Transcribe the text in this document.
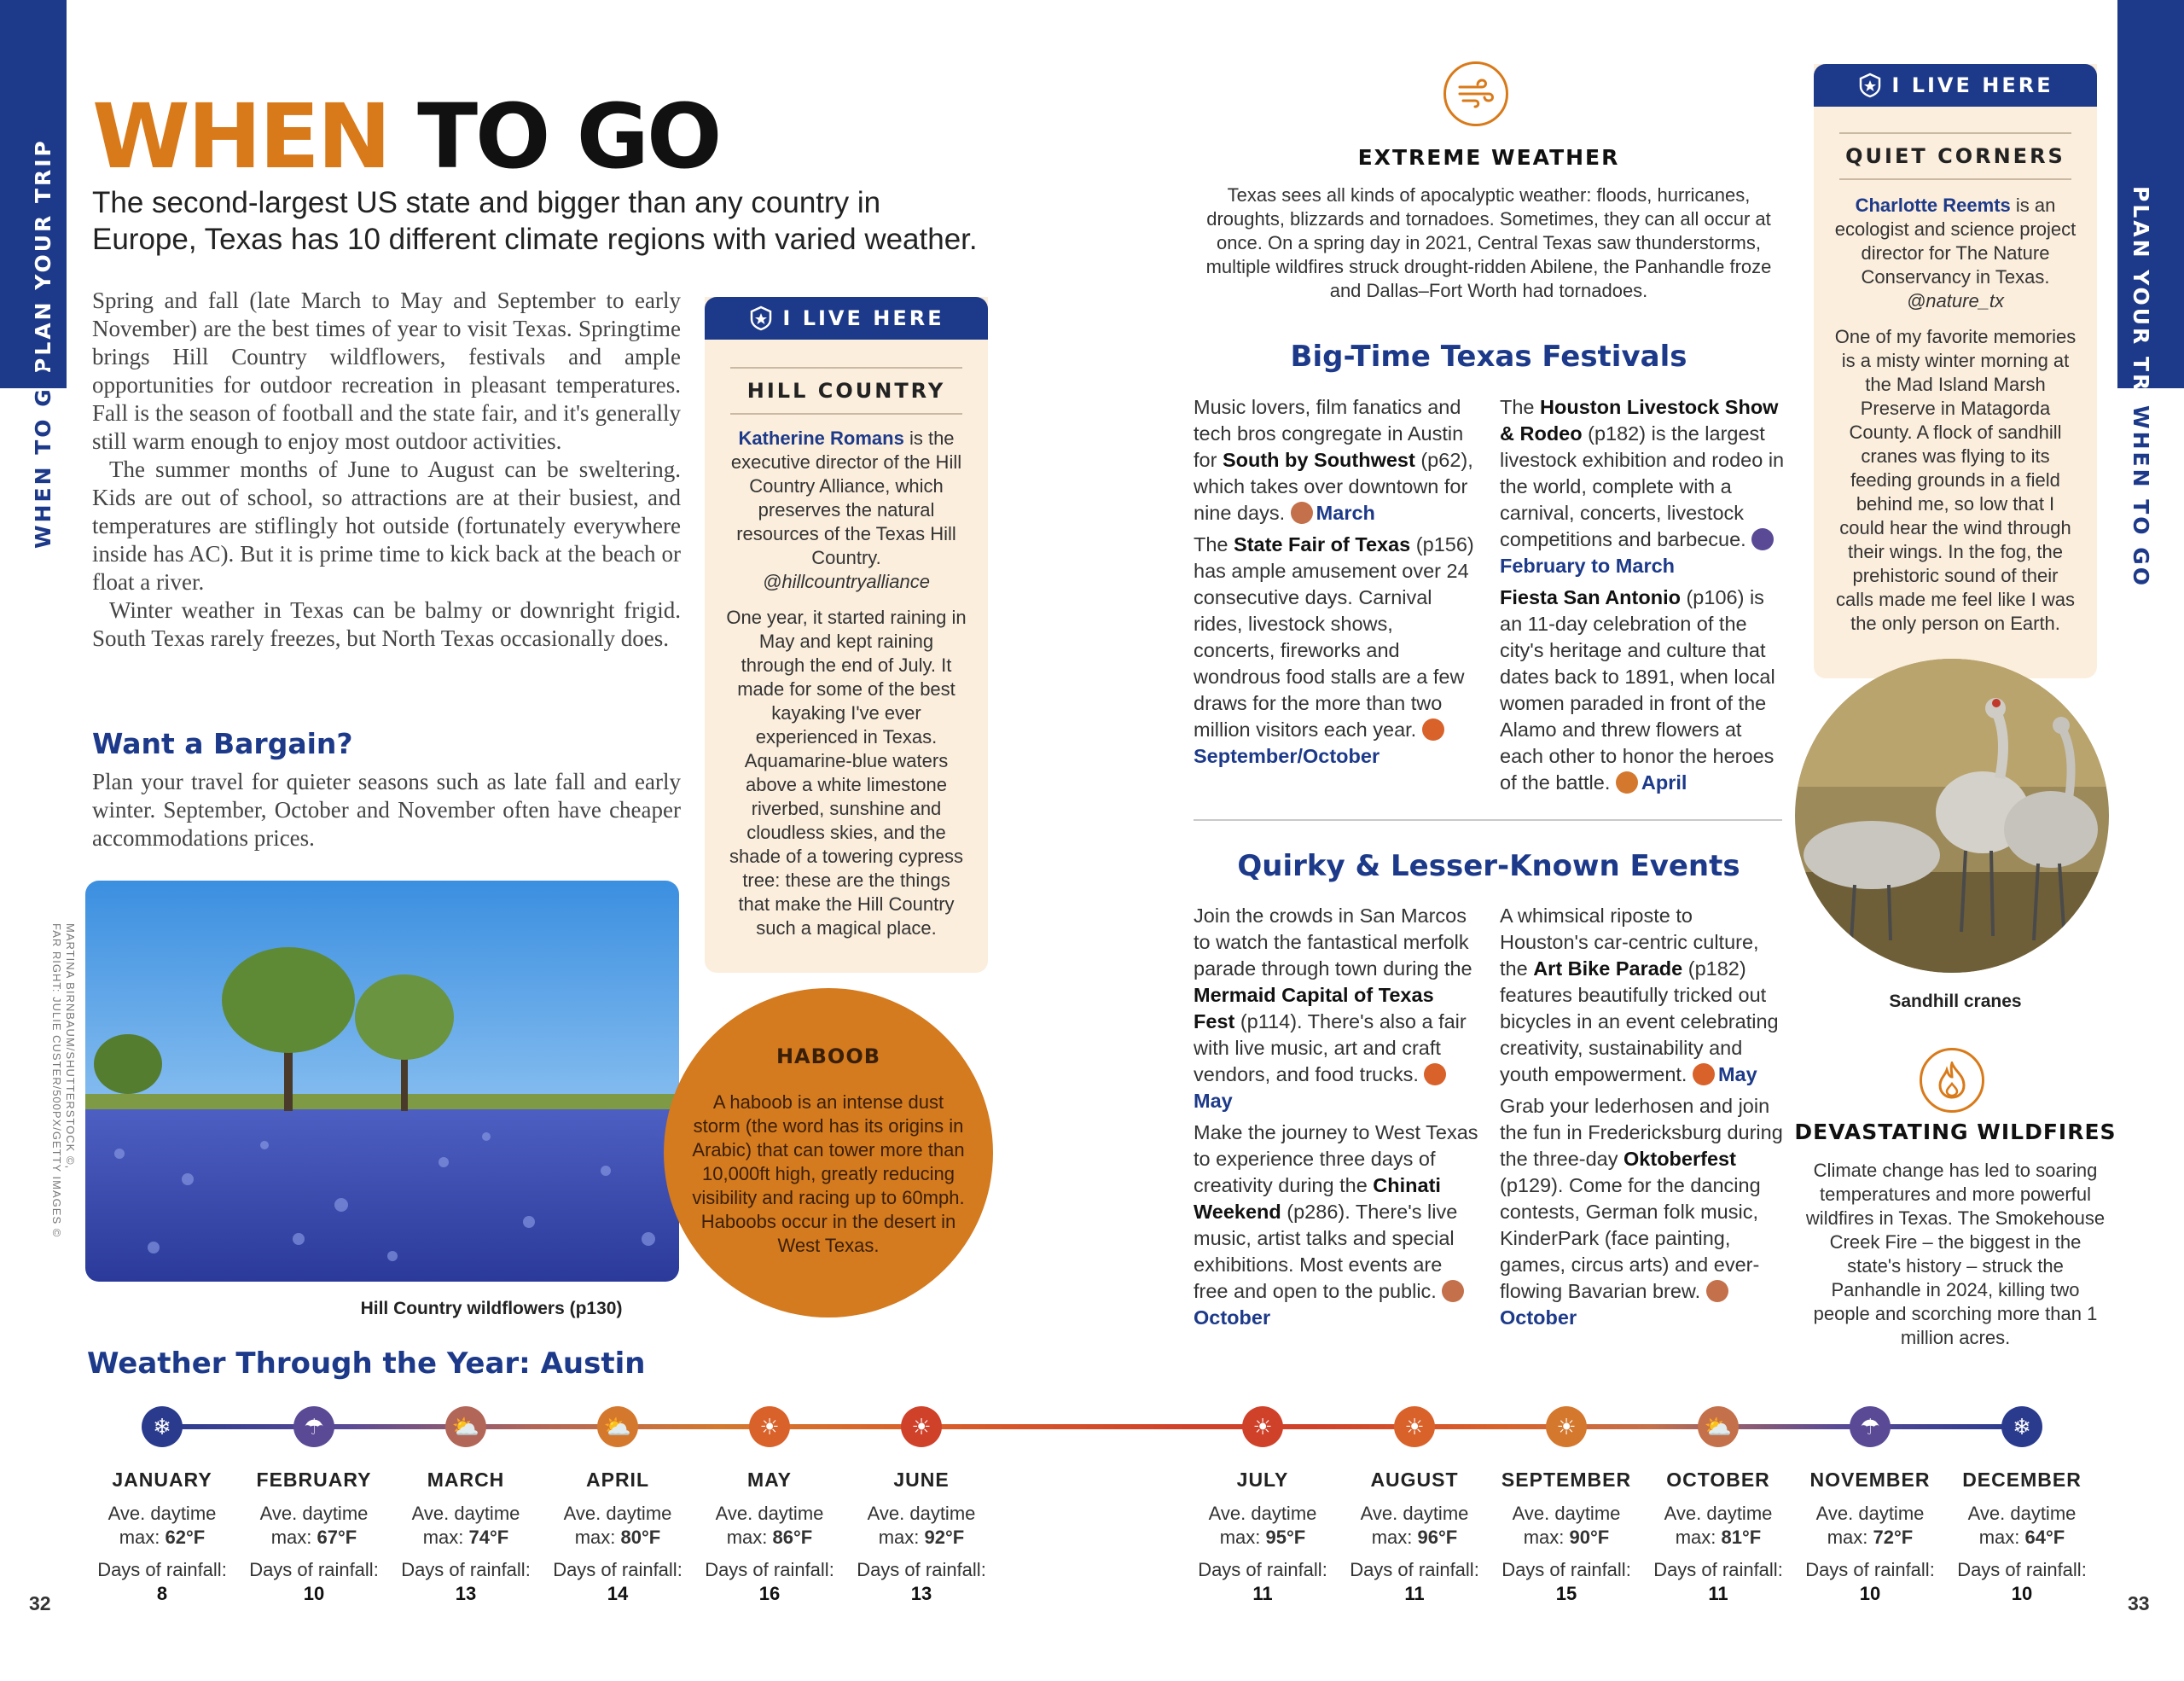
PLAN YOUR TRIP
WHEN TO GO
PLAN YOUR TRIP
WHEN TO GO
32	33
WHEN TO GO
The second-largest US state and bigger than any country in Europe, Texas has 10 different climate regions with varied weather.

Spring and fall (late March to May and September to early November) are the best times of year to visit Texas. Springtime brings Hill Country wildflowers, festivals and ample opportunities for outdoor recreation in pleasant temperatures. Fall is the season of football and the state fair, and it's generally still warm enough to enjoy most outdoor activities.

The summer months of June to August can be sweltering. Kids are out of school, so attractions are at their busiest, and temperatures are stiflingly hot outside (fortunately everywhere inside has AC). But it is prime time to kick back at the beach or float a river.

Winter weather in Texas can be balmy or downright frigid. South Texas rarely freezes, but North Texas occasionally does.

Want a Bargain?
Plan your travel for quieter seasons such as late fall and early winter. September, October and November often have cheaper accommodations prices.
MARTINA BIRNBAUM/SHUTTERSTOCK ©,
FAR RIGHT: JULIE CUSTER/500PX/GETTY IMAGES ©
Hill Country wildflowers (p130)
I LIVE HERE
HILL COUNTRY
Katherine Romans is the executive director of the Hill Country Alliance, which preserves the natural resources of the Texas Hill Country.
@hillcountryalliance
One year, it started raining in May and kept raining through the end of July. It made for some of the best kayaking I've ever experienced in Texas. Aquamarine-blue waters above a white limestone riverbed, sunshine and cloudless skies, and the shade of a towering cypress tree: these are the things that make the Hill Country such a magical place.
HABOOB
A haboob is an intense dust storm (the word has its origins in Arabic) that can tower more than 10,000ft high, greatly reducing visibility and racing up to 60mph. Haboobs occur in the desert in West Texas.
EXTREME WEATHER
Texas sees all kinds of apocalyptic weather: floods, hurricanes, droughts, blizzards and tornadoes. Sometimes, they can all occur at once. On a spring day in 2021, Central Texas saw thunderstorms, multiple wildfires struck drought-ridden Abilene, the Panhandle froze and Dallas–Fort Worth had tornadoes.
Big-Time Texas Festivals
Music lovers, film fanatics and tech bros congregate in Austin for South by Southwest (p62), which takes over downtown for nine days. March
The State Fair of Texas (p156) has ample amusement over 24 consecutive days. Carnival rides, livestock shows, concerts, fireworks and wondrous food stalls are a few draws for the more than two million visitors each year. September/October
The Houston Livestock Show & Rodeo (p182) is the largest livestock exhibition and rodeo in the world, complete with a carnival, concerts, livestock competitions and barbecue. February to March
Fiesta San Antonio (p106) is an 11-day celebration of the city's heritage and culture that dates back to 1891, when local women paraded in front of the Alamo and threw flowers at each other to honor the heroes of the battle. April
Quirky & Lesser-Known Events
Join the crowds in San Marcos to watch the fantastical merfolk parade through town during the Mermaid Capital of Texas Fest (p114). There's also a fair with live music, art and craft vendors, and food trucks. May
Make the journey to West Texas to experience three days of creativity during the Chinati Weekend (p286). There's live music, artist talks and special exhibitions. Most events are free and open to the public. October
A whimsical riposte to Houston's car-centric culture, the Art Bike Parade (p182) features beautifully tricked out bicycles in an event celebrating creativity, sustainability and youth empowerment. May
Grab your lederhosen and join the fun in Fredericksburg during the three-day Oktoberfest (p129). Come for the dancing contests, German folk music, KinderPark (face painting, games, circus arts) and ever-flowing Bavarian brew. October
I LIVE HERE
QUIET CORNERS
Charlotte Reemts is an ecologist and science project director for The Nature Conservancy in Texas. @nature_tx
One of my favorite memories is a misty winter morning at the Mad Island Marsh Preserve in Matagorda County. A flock of sandhill cranes was flying to its feeding grounds in a field behind me, so low that I could hear the wind through their wings. In the fog, the prehistoric sound of their calls made me feel like I was the only person on Earth.
Sandhill cranes
DEVASTATING WILDFIRES
Climate change has led to soaring temperatures and more powerful wildfires in Texas. The Smokehouse Creek Fire – the biggest in the state's history – struck the Panhandle in 2024, killing two people and scorching more than 1 million acres.
Weather Through the Year: Austin
❄
JANUARY
Ave. daytime
max: 62°F
Days of rainfall:
8
☂
FEBRUARY
Ave. daytime
max: 67°F
Days of rainfall:
10
⛅
MARCH
Ave. daytime
max: 74°F
Days of rainfall:
13
⛅
APRIL
Ave. daytime
max: 80°F
Days of rainfall:
14
☀
MAY
Ave. daytime
max: 86°F
Days of rainfall:
16
☀
JUNE
Ave. daytime
max: 92°F
Days of rainfall:
13
☀
JULY
Ave. daytime
max: 95°F
Days of rainfall:
11
☀
AUGUST
Ave. daytime
max: 96°F
Days of rainfall:
11
☀
SEPTEMBER
Ave. daytime
max: 90°F
Days of rainfall:
15
⛅
OCTOBER
Ave. daytime
max: 81°F
Days of rainfall:
11
☂
NOVEMBER
Ave. daytime
max: 72°F
Days of rainfall:
10
❄
DECEMBER
Ave. daytime
max: 64°F
Days of rainfall:
10
